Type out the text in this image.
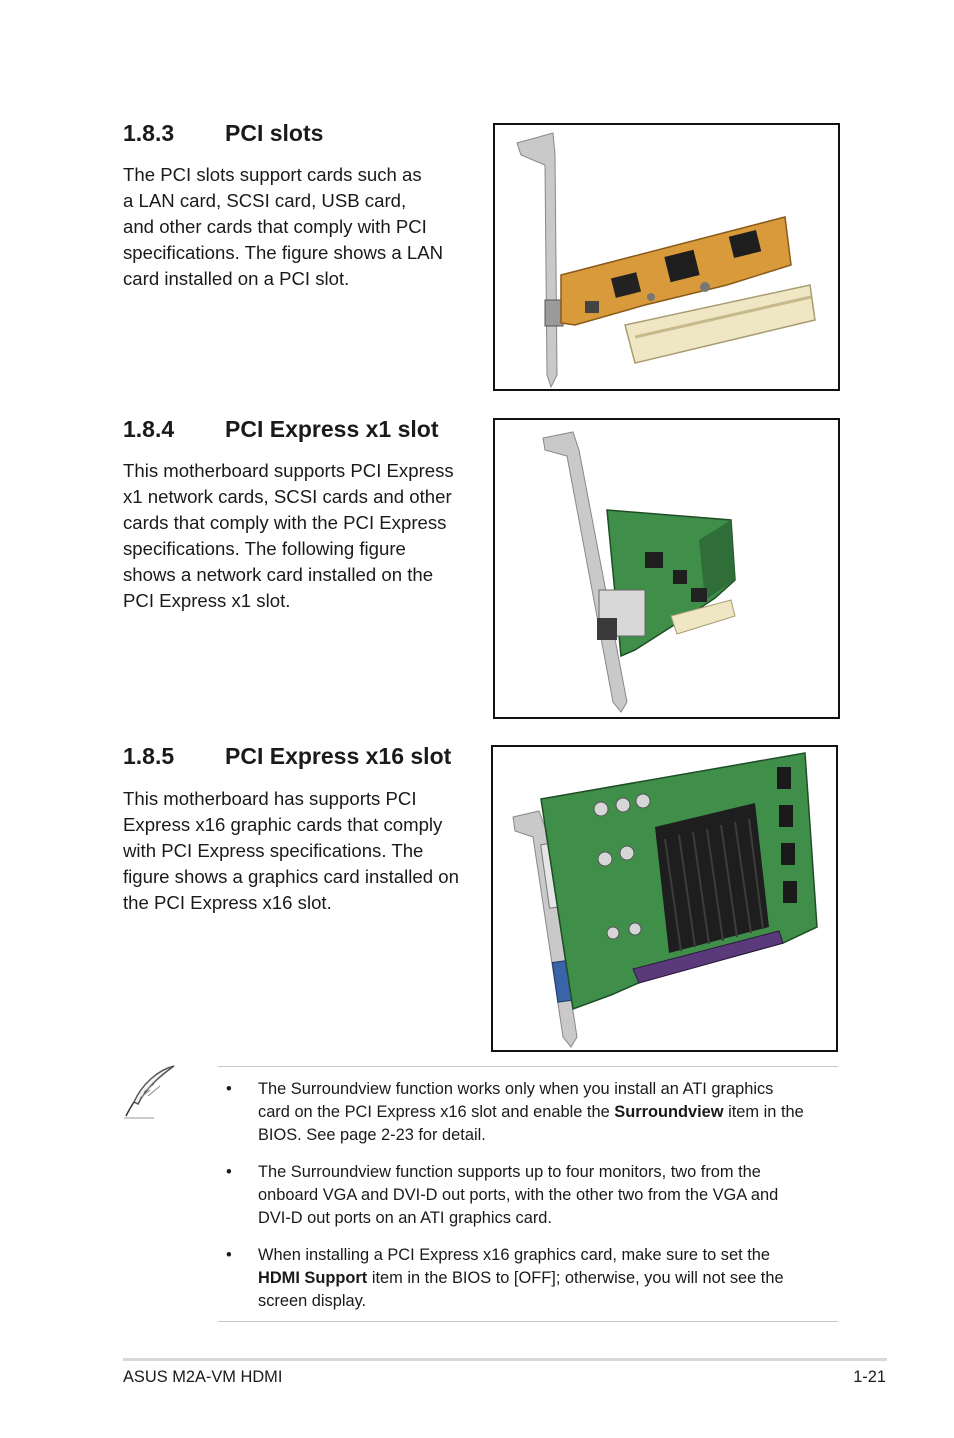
1.8.3 PCI slots
The PCI slots support cards such as
a LAN card, SCSI card, USB card,
and other cards that comply with PCI
specifications. The figure shows a LAN
card installed on a PCI slot.
1.8.4 PCI Express x1 slot
This motherboard supports PCI Express
x1 network cards, SCSI cards and other
cards that comply with the PCI Express
specifications. The following figure
shows a network card installed on the
PCI Express x1 slot.
1.8.5 PCI Express x16 slot
This motherboard has supports PCI
Express x16 graphic cards that comply
with PCI Express specifications. The
figure shows a graphics card installed on
the PCI Express x16 slot.
• The Surroundview function works only when you install an ATI graphics
card on the PCI Express x16 slot and enable the Surroundview item in the
BIOS. See page 2-23 for detail.
• The Surroundview function supports up to four monitors, two from the
onboard VGA and DVI-D out ports, with the other two from the VGA and
DVI-D out ports on an ATI graphics card.
• When installing a PCI Express x16 graphics card, make sure to set the
HDMI Support item in the BIOS to [OFF]; otherwise, you will not see the
screen display.
ASUS M2A-VM HDMI	1-21
